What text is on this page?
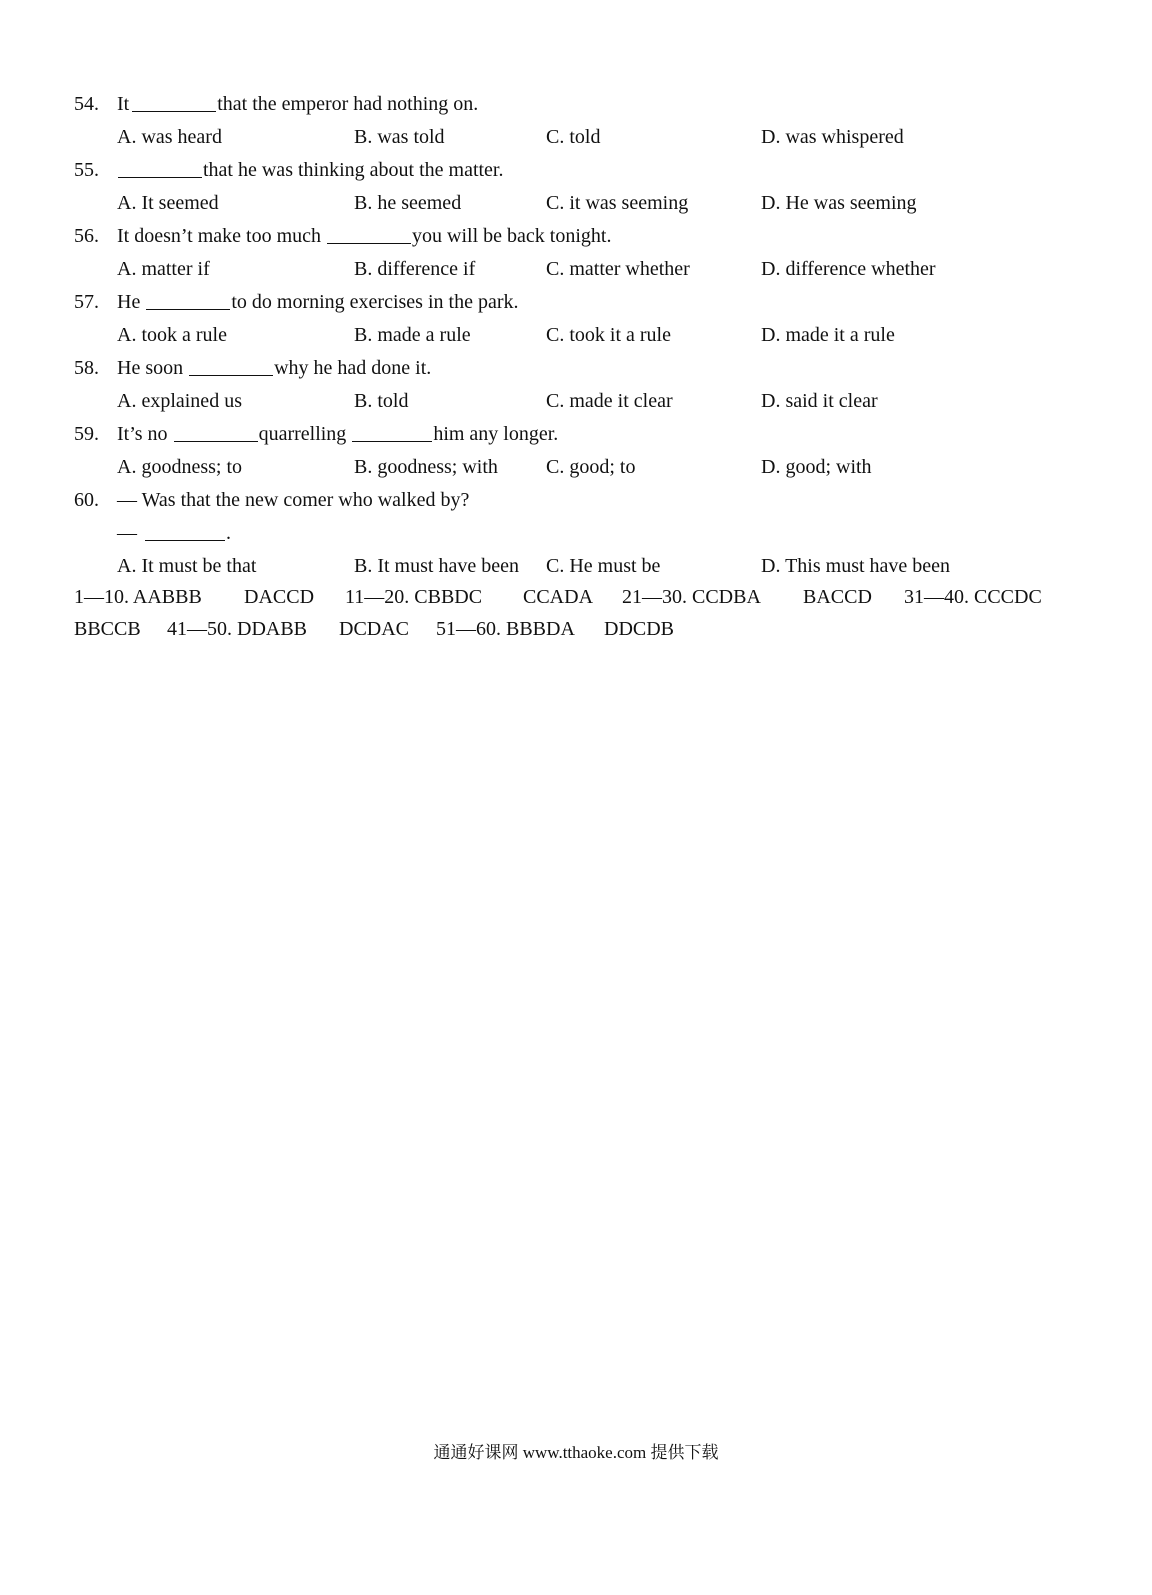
54. It	that the emperor had nothing on.
A. was heard	B. was told	C. told	D. was whispered
55.	that he was thinking about the matter.
A. It seemed	B. he seemed	C. it was seeming	D. He was seeming
56. It doesn’t make too much	you will be back tonight.
A. matter if	B. difference if	C. matter whether	D. difference whether
57. He	to do morning exercises in the park.
A. took a rule	B. made a rule	C. took it a rule	D. made it a rule
58. He soon	why he had done it.
A. explained us	B. told	C. made it clear	D. said it clear
59. It’s no	quarrelling	him any longer.
A. goodness; to	B. goodness; with C. good; to	D. good; with
60. — Was that the new comer who walked by?
—	.
A. It must be that	B. It must have been C. He must be	D. This must have been
1—10. AABBB DACCD 11—20. CBBDC CCADA 21—30. CCDBA BACCD 31—40. CCCDC
BBCCB 41—50. DDABB DCDAC 51—60. BBBDA DDCDB
通通好课网 www.tthaoke.com 提供下载
